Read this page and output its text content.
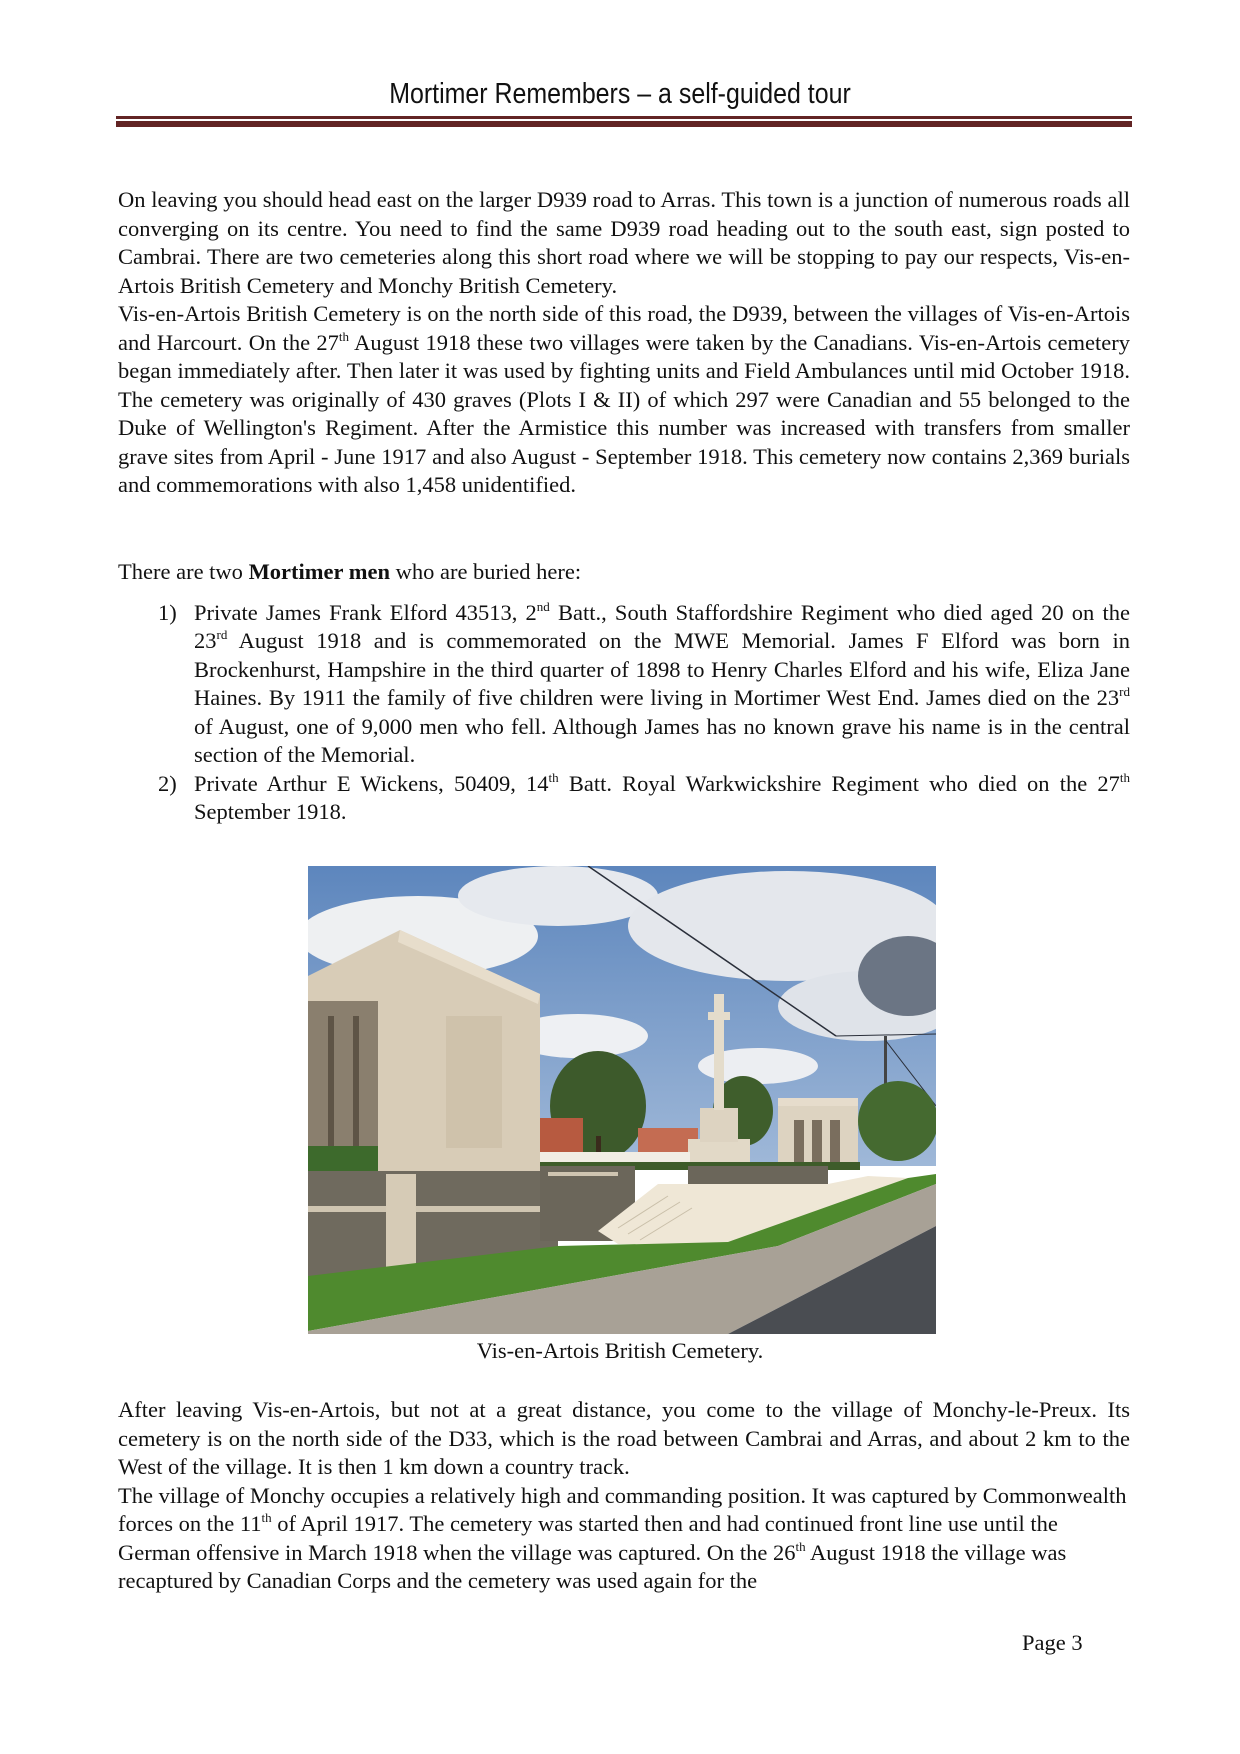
Mortimer Remembers – a self-guided tour

On leaving you should head east on the larger D939 road to Arras. This town is a junction of numerous roads all converging on its centre. You need to find the same D939 road heading out to the south east, sign posted to Cambrai. There are two cemeteries along this short road where we will be stopping to pay our respects, Vis-en-Artois British Cemetery and Monchy British Cemetery.

Vis-en-Artois British Cemetery is on the north side of this road, the D939, between the villages of Vis-en-Artois and Harcourt. On the 27th August 1918 these two villages were taken by the Canadians. Vis-en-Artois cemetery began immediately after. Then later it was used by fighting units and Field Ambulances until mid October 1918. The cemetery was originally of 430 graves (Plots I & II) of which 297 were Canadian and 55 belonged to the Duke of Wellington's Regiment. After the Armistice this number was increased with transfers from smaller grave sites from April - June 1917 and also August - September 1918. This cemetery now contains 2,369 burials and commemorations with also 1,458 unidentified.

There are two Mortimer men who are buried here:

1) Private James Frank Elford 43513, 2nd Batt., South Staffordshire Regiment who died aged 20 on the 23rd August 1918 and is commemorated on the MWE Memorial. James F Elford was born in Brockenhurst, Hampshire in the third quarter of 1898 to Henry Charles Elford and his wife, Eliza Jane Haines. By 1911 the family of five children were living in Mortimer West End. James died on the 23rd of August, one of 9,000 men who fell. Although James has no known grave his name is in the central section of the Memorial.
2) Private Arthur E Wickens, 50409, 14th Batt. Royal Warkwickshire Regiment who died on the 27th September 1918.
Vis-en-Artois British Cemetery.

After leaving Vis-en-Artois, but not at a great distance, you come to the village of Monchy-le-Preux. Its cemetery is on the north side of the D33, which is the road between Cambrai and Arras, and about 2 km to the West of the village. It is then 1 km down a country track.

The village of Monchy occupies a relatively high and commanding position. It was captured by Commonwealth forces on the 11th of April 1917. The cemetery was started then and had continued front line use until the German offensive in March 1918 when the village was captured. On the 26th August 1918 the village was recaptured by Canadian Corps and the cemetery was used again for the

Page 3
